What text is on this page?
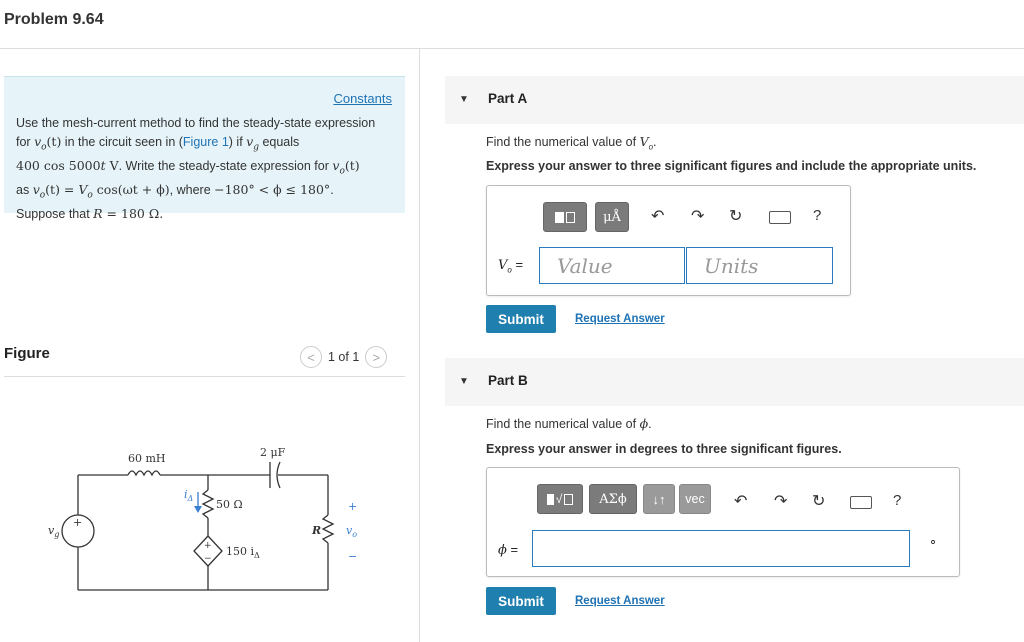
Problem 9.64
Constants
Use the mesh-current method to find the steady-state expression
for $v_o(t)$ in the circuit seen in (Figure 1) if $v_g$ equals
400 cos 5000t V. Write the steady-state expression for $v_o(t)$
as $v_o(t) = V_o$ cos(ωt + ϕ), where −180° < ϕ ≤ 180°.
Suppose that R = 180 Ω.
Figure	< 1 of 1 >
60 mH	2 μF
50 Ω
150 $i_\Delta$
$i_\Delta$
$v_g$
+
+
−
R
+
$v_o$
−
▼ Part A
Find the numerical value of $V_o$.
Express your answer to three significant figures and include the appropriate units.
μÅ	↶ ↷ ↻	?
$V_o$ =	Value	Units
Submit	Request Answer
▼ Part B
Find the numerical value of ϕ.
Express your answer in degrees to three significant figures.
√	ΑΣϕ	↓↑	vec	↶ ↷ ↻	?
ϕ =
∘
Submit	Request Answer
